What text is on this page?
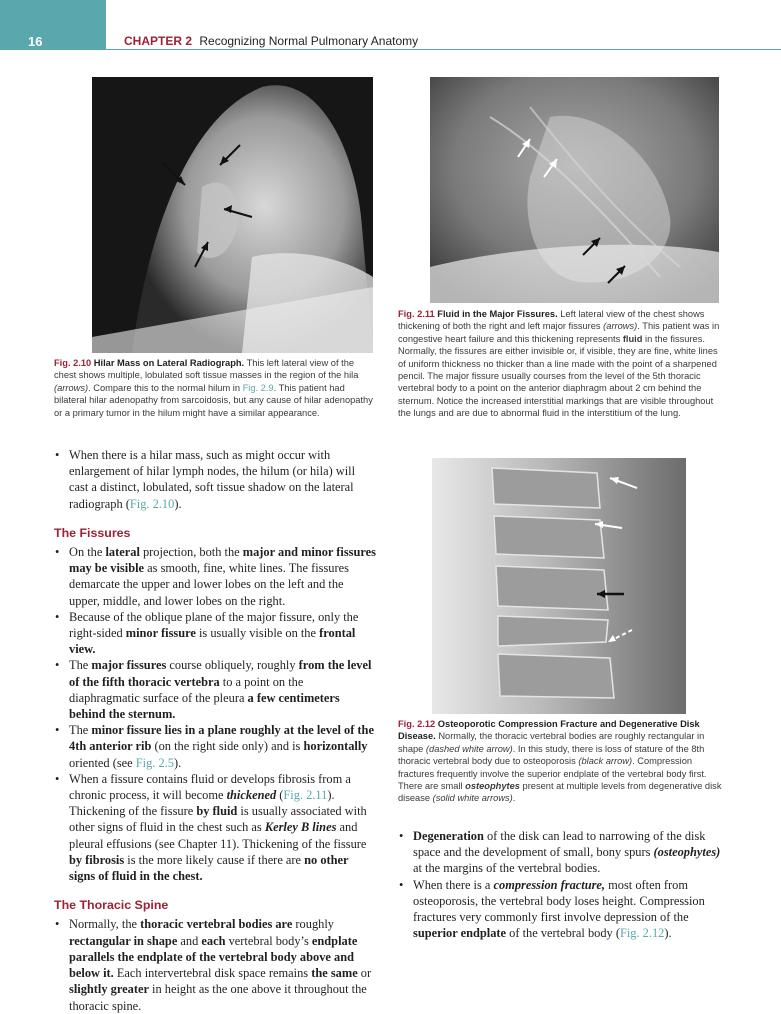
16	CHAPTER 2 Recognizing Normal Pulmonary Anatomy

Fig. 2.10 Hilar Mass on Lateral Radiograph. This left lateral view of the chest shows multiple, lobulated soft tissue masses in the region of the hila (arrows). Compare this to the normal hilum in Fig. 2.9. This patient had bilateral hilar adenopathy from sarcoidosis, but any cause of hilar adenopathy or a primary tumor in the hilum might have a similar appearance.

Fig. 2.11 Fluid in the Major Fissures. Left lateral view of the chest shows thickening of both the right and left major fissures (arrows). This patient was in congestive heart failure and this thickening represents fluid in the fissures. Normally, the fissures are either invisible or, if visible, they are fine, white lines of uniform thickness no thicker than a line made with the point of a sharpened pencil. The major fissure usually courses from the level of the 5th thoracic vertebral body to a point on the anterior diaphragm about 2 cm behind the sternum. Notice the increased interstitial markings that are visible throughout the lungs and are due to abnormal fluid in the interstitium of the lung.

Fig. 2.12 Osteoporotic Compression Fracture and Degenerative Disk Disease. Normally, the thoracic vertebral bodies are roughly rectangular in shape (dashed white arrow). In this study, there is loss of stature of the 8th thoracic vertebral body due to osteoporosis (black arrow). Compression fractures frequently involve the superior endplate of the vertebral body first. There are small osteophytes present at multiple levels from degenerative disk disease (solid white arrows).

• When there is a hilar mass, such as might occur with enlargement of hilar lymph nodes, the hilum (or hila) will cast a distinct, lobulated, soft tissue shadow on the lateral radiograph (Fig. 2.10).
The Fissures
• On the lateral projection, both the major and minor fissures may be visible as smooth, fine, white lines. The fissures demarcate the upper and lower lobes on the left and the upper, middle, and lower lobes on the right.
• Because of the oblique plane of the major fissure, only the right-sided minor fissure is usually visible on the frontal view.
• The major fissures course obliquely, roughly from the level of the fifth thoracic vertebra to a point on the diaphragmatic surface of the pleura a few centimeters behind the sternum.
• The minor fissure lies in a plane roughly at the level of the 4th anterior rib (on the right side only) and is horizontally oriented (see Fig. 2.5).
• When a fissure contains fluid or develops fibrosis from a chronic process, it will become thickened (Fig. 2.11). Thickening of the fissure by fluid is usually associated with other signs of fluid in the chest such as Kerley B lines and pleural effusions (see Chapter 11). Thickening of the fissure by fibrosis is the more likely cause if there are no other signs of fluid in the chest.
The Thoracic Spine
• Normally, the thoracic vertebral bodies are roughly rectangular in shape and each vertebral body’s endplate parallels the endplate of the vertebral body above and below it. Each intervertebral disk space remains the same or slightly greater in height as the one above it throughout the thoracic spine.
• Degeneration of the disk can lead to narrowing of the disk space and the development of small, bony spurs (osteophytes) at the margins of the vertebral bodies.
• When there is a compression fracture, most often from osteoporosis, the vertebral body loses height. Compression fractures very commonly first involve depression of the superior endplate of the vertebral body (Fig. 2.12).
